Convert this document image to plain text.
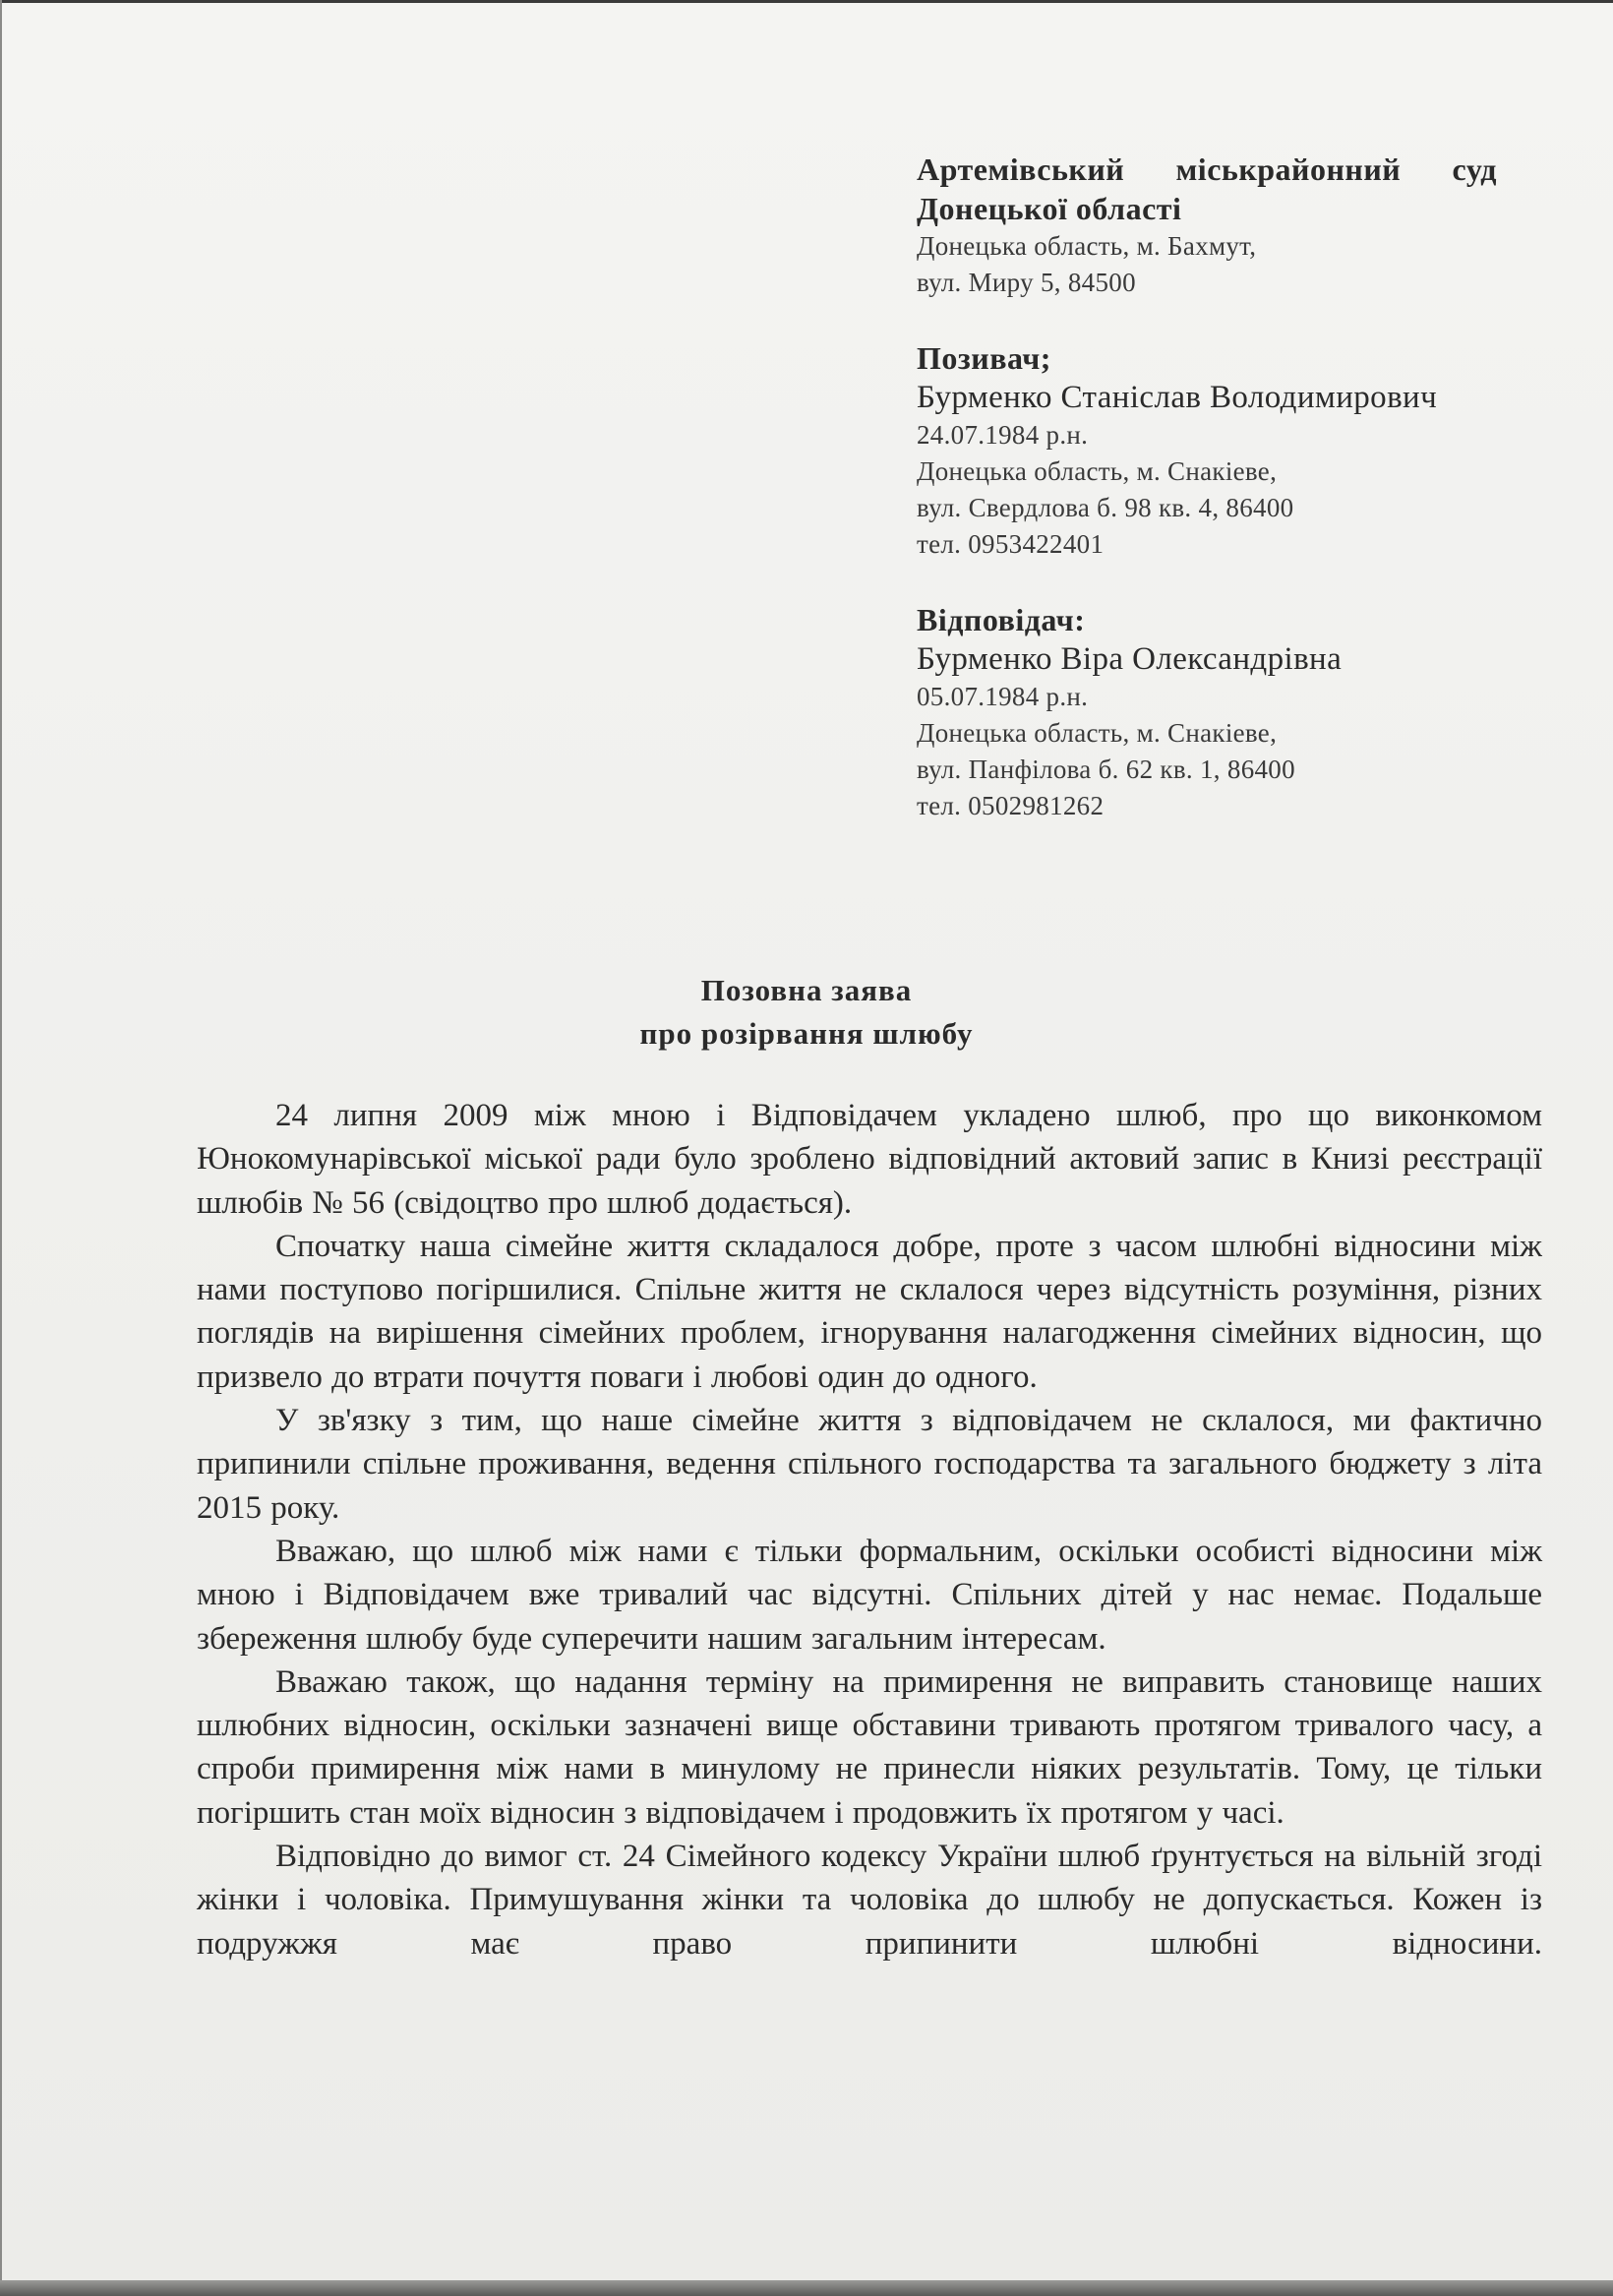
Артемівський міськрайонний суд
Донецької області
Донецька область, м. Бахмут,
вул. Миру 5, 84500
Позивач;
Бурменко Станіслав Володимирович
24.07.1984 р.н.
Донецька область, м. Снакіеве,
вул. Свердлова б. 98 кв. 4, 86400
тел. 0953422401
Відповідач:
Бурменко Віра Олександрівна
05.07.1984 р.н.
Донецька область, м. Снакіеве,
вул. Панфілова б. 62 кв. 1, 86400
тел. 0502981262
Позовна заява
про розірвання шлюбу

24 липня 2009 між мною і Відповідачем укладено шлюб, про що виконкомом Юнокомунарівської міської ради було зроблено відповідний актовий запис в Книзі реєстрації шлюбів № 56 (свідоцтво про шлюб додається).

Спочатку наша сімейне життя складалося добре, проте з часом шлюбні відносини між нами поступово погіршилися. Спільне життя не склалося через відсутність розуміння, різних поглядів на вирішення сімейних проблем, ігнорування налагодження сімейних відносин, що призвело до втрати почуття поваги і любові один до одного.

У зв'язку з тим, що наше сімейне життя з відповідачем не склалося, ми фактично припинили спільне проживання, ведення спільного господарства та загального бюджету з літа 2015 року.

Вважаю, що шлюб між нами є тільки формальним, оскільки особисті відносини між мною і Відповідачем вже тривалий час відсутні. Спільних дітей у нас немає. Подальше збереження шлюбу буде суперечити нашим загальним інтересам.

Вважаю також, що надання терміну на примирення не виправить становище наших шлюбних відносин, оскільки зазначені вище обставини тривають протягом тривалого часу, а спроби примирення між нами в минулому не принесли ніяких результатів. Тому, це тільки погіршить стан моїх відносин з відповідачем і продовжить їх протягом у часі.

Відповідно до вимог ст. 24 Сімейного кодексу України шлюб ґрунтується на вільній згоді жінки і чоловіка. Примушування жінки та чоловіка до шлюбу не допускається. Кожен із подружжя має право припинити шлюбні відносини.
